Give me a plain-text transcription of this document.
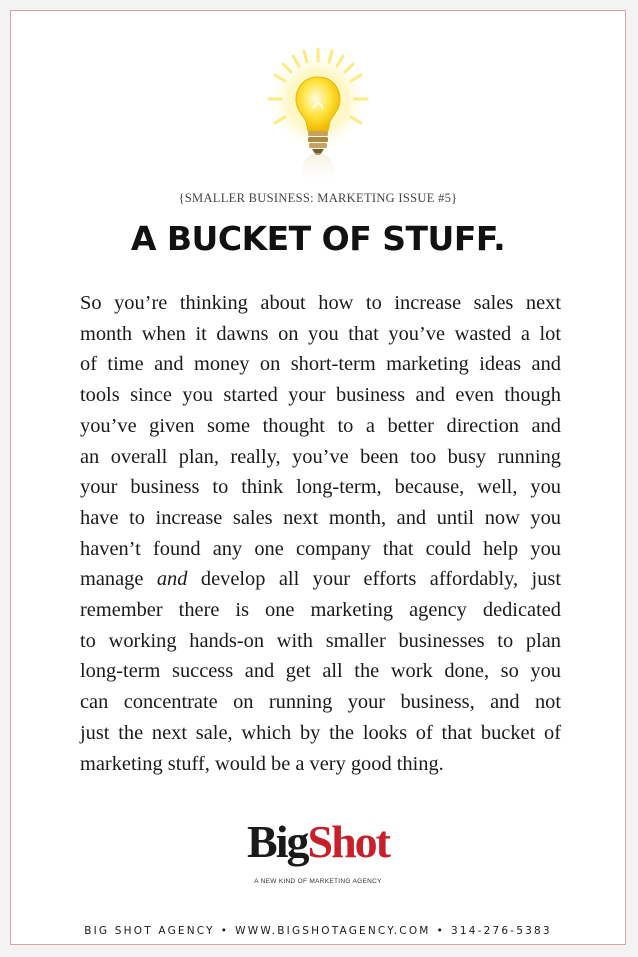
{SMALLER BUSINESS: MARKETING ISSUE #5}
A BUCKET OF STUFF.
So you’re thinking about how to increase sales next
month when it dawns on you that you’ve wasted a lot
of time and money on short-term marketing ideas and
tools since you started your business and even though
you’ve given some thought to a better direction and
an overall plan, really, you’ve been too busy running
your business to think long-term, because, well, you
have to increase sales next month, and until now you
haven’t found any one company that could help you
manage and develop all your efforts affordably, just
remember there is one marketing agency dedicated
to working hands-on with smaller businesses to plan
long-term success and get all the work done, so you
can concentrate on running your business, and not
just the next sale, which by the looks of that bucket of
marketing stuff, would be a very good thing.
BigShot
A NEW KIND OF MARKETING AGENCY
BIG SHOT AGENCY • WWW.BIGSHOTAGENCY.COM • 314-276-5383
